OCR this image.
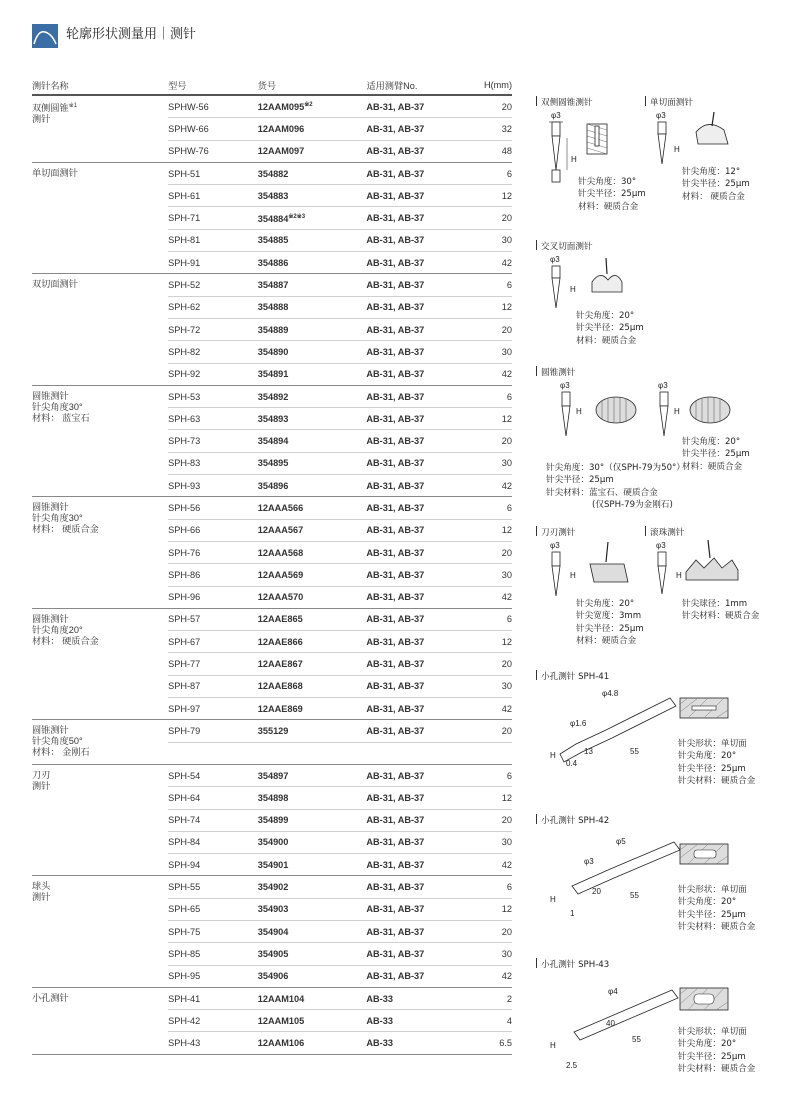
轮廓形状测量用｜测针
测针名称	型号	货号	适用测臂No.	H(mm)

双侧圆锥$^{※1}$
测针	SPHW-56	12AAM095$^{※2}$	AB-31, AB-37	20
	SPHW-66	12AAM096	AB-31, AB-37	32
	SPHW-76	12AAM097	AB-31, AB-37	48

单切面测针	SPH-51	354882	AB-31, AB-37	6
	SPH-61	354883	AB-31, AB-37	12
	SPH-71	$354884^{※2※3}$	AB-31, AB-37	20
	SPH-81	354885	AB-31, AB-37	30
	SPH-91	354886	AB-31, AB-37	42

双切面测针	SPH-52	354887	AB-31, AB-37	6
	SPH-62	354888	AB-31, AB-37	12
	SPH-72	354889	AB-31, AB-37	20
	SPH-82	354890	AB-31, AB-37	30
	SPH-92	354891	AB-31, AB-37	42

圆锥测针
针尖角度30°
材料： 蓝宝石	SPH-53	354892	AB-31, AB-37	6
	SPH-63	354893	AB-31, AB-37	12
	SPH-73	354894	AB-31, AB-37	20
	SPH-83	354895	AB-31, AB-37	30
	SPH-93	354896	AB-31, AB-37	42

圆锥测针
针尖角度30°
材料： 硬质合金	SPH-56	12AAA566	AB-31, AB-37	6
	SPH-66	12AAA567	AB-31, AB-37	12
	SPH-76	12AAA568	AB-31, AB-37	20
	SPH-86	12AAA569	AB-31, AB-37	30
	SPH-96	12AAA570	AB-31, AB-37	42

圆锥测针
针尖角度20°
材料： 硬质合金	SPH-57	12AAE865	AB-31, AB-37	6
	SPH-67	12AAE866	AB-31, AB-37	12
	SPH-77	12AAE867	AB-31, AB-37	20
	SPH-87	12AAE868	AB-31, AB-37	30
	SPH-97	12AAE869	AB-31, AB-37	42

圆锥测针
针尖角度50°
材料： 金刚石	SPH-79	355129	AB-31, AB-37	20

刀刃
测针	SPH-54	354897	AB-31, AB-37	6
	SPH-64	354898	AB-31, AB-37	12
	SPH-74	354899	AB-31, AB-37	20
	SPH-84	354900	AB-31, AB-37	30
	SPH-94	354901	AB-31, AB-37	42

球头
测针	SPH-55	354902	AB-31, AB-37	6
	SPH-65	354903	AB-31, AB-37	12
	SPH-75	354904	AB-31, AB-37	20
	SPH-85	354905	AB-31, AB-37	30
	SPH-95	354906	AB-31, AB-37	42

小孔测针	SPH-41	12AAM104	AB-33	2
	SPH-42	12AAM105	AB-33	4
	SPH-43	12AAM106	AB-33	6.5
双侧圆锥测针
φ3
H
针尖角度：30°
针尖半径：25μm
材料：硬质合金
单切面测针
φ3
H
针尖角度：12°
针尖半径：25μm
材料： 硬质合金
交叉切面测针
φ3
H
针尖角度：20°
针尖半径：25μm
材料：硬质合金
圆锥测针
φ3
H
φ3
H
针尖角度：20°
针尖半径：25μm
材料：硬质合金
针尖角度：30°（仅SPH-79为50°）
针尖半径：25μm
针尖材料：蓝宝石、硬质合金
(仅SPH-79为金刚石)
刀刃测针
φ3
H
针尖角度：20°
针尖宽度：3mm
针尖半径：25μm
材料：硬质合金
滚珠测针
φ3
H
针尖球径：1mm
针尖材料：硬质合金
小孔测针 SPH-41
φ4.8
φ1.6
13	55
0.4
H
针尖形状：单切面
针尖角度：20°
针尖半径：25μm
针尖材料：硬质合金
小孔测针 SPH-42
φ5
φ3
20	55
1
H
针尖形状：单切面
针尖角度：20°
针尖半径：25μm
针尖材料：硬质合金
小孔测针 SPH-43
φ4
40
55
2.5
H
针尖形状：单切面
针尖角度：20°
针尖半径：25μm
针尖材料：硬质合金
